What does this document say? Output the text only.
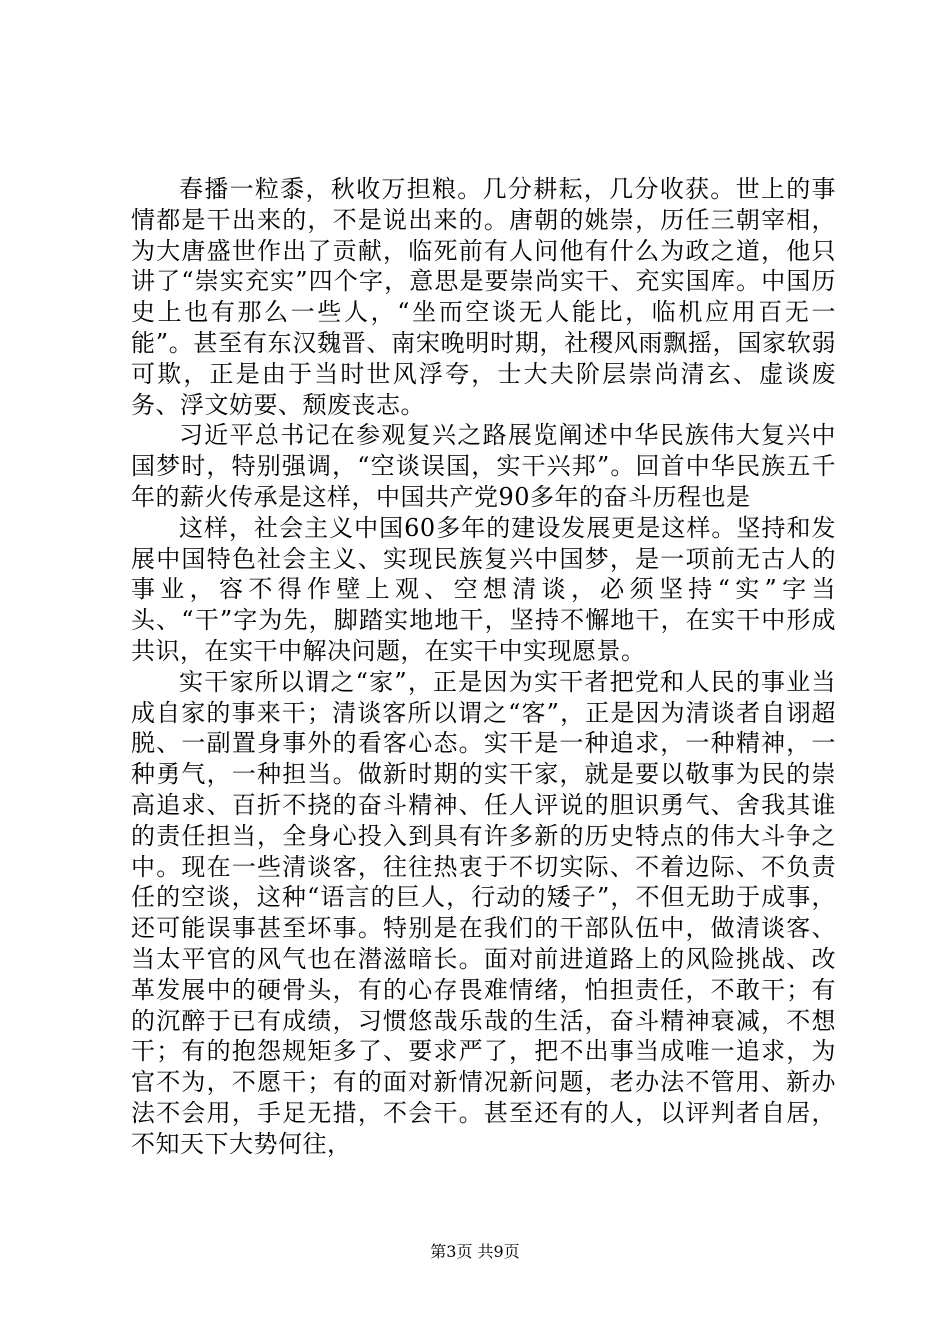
春播一粒黍，秋收万担粮。几分耕耘，几分收获。世上的事情都是干出来的，不是说出来的。唐朝的姚崇，历任三朝宰相，为大唐盛世作出了贡献，临死前有人问他有什么为政之道，他只讲了“崇实充实”四个字，意思是要崇尚实干、充实国库。中国历史上也有那么一些人，“坐而空谈无人能比，临机应用百无一能”。甚至有东汉魏晋、南宋晚明时期，社稷风雨飘摇，国家软弱可欺，正是由于当时世风浮夸，士大夫阶层崇尚清玄、虚谈废务、浮文妨要、颓废丧志。

习近平总书记在参观复兴之路展览阐述中华民族伟大复兴中国梦时，特别强调，“空谈误国，实干兴邦”。回首中华民族五千年的薪火传承是这样，中国共产党90多年的奋斗历程也是

这样，社会主义中国60多年的建设发展更是这样。坚持和发展中国特色社会主义、实现民族复兴中国梦，是一项前无古人的事业，容不得作壁上观、空想清谈，必须坚持“实”字当头、“干”字为先，脚踏实地地干，坚持不懈地干，在实干中形成共识，在实干中解决问题，在实干中实现愿景。

实干家所以谓之“家”，正是因为实干者把党和人民的事业当成自家的事来干；清谈客所以谓之“客”，正是因为清谈者自诩超脱、一副置身事外的看客心态。实干是一种追求，一种精神，一种勇气，一种担当。做新时期的实干家，就是要以敬事为民的崇高追求、百折不挠的奋斗精神、任人评说的胆识勇气、舍我其谁的责任担当，全身心投入到具有许多新的历史特点的伟大斗争之中。现在一些清谈客，往往热衷于不切实际、不着边际、不负责任的空谈，这种“语言的巨人，行动的矮子”，不但无助于成事，还可能误事甚至坏事。特别是在我们的干部队伍中，做清谈客、当太平官的风气也在潜滋暗长。面对前进道路上的风险挑战、改革发展中的硬骨头，有的心存畏难情绪，怕担责任，不敢干；有的沉醉于已有成绩，习惯悠哉乐哉的生活，奋斗精神衰减，不想干；有的抱怨规矩多了、要求严了，把不出事当成唯一追求，为官不为，不愿干；有的面对新情况新问题，老办法不管用、新办法不会用，手足无措，不会干。甚至还有的人，以评判者自居，不知天下大势何往，

第3页 共9页
